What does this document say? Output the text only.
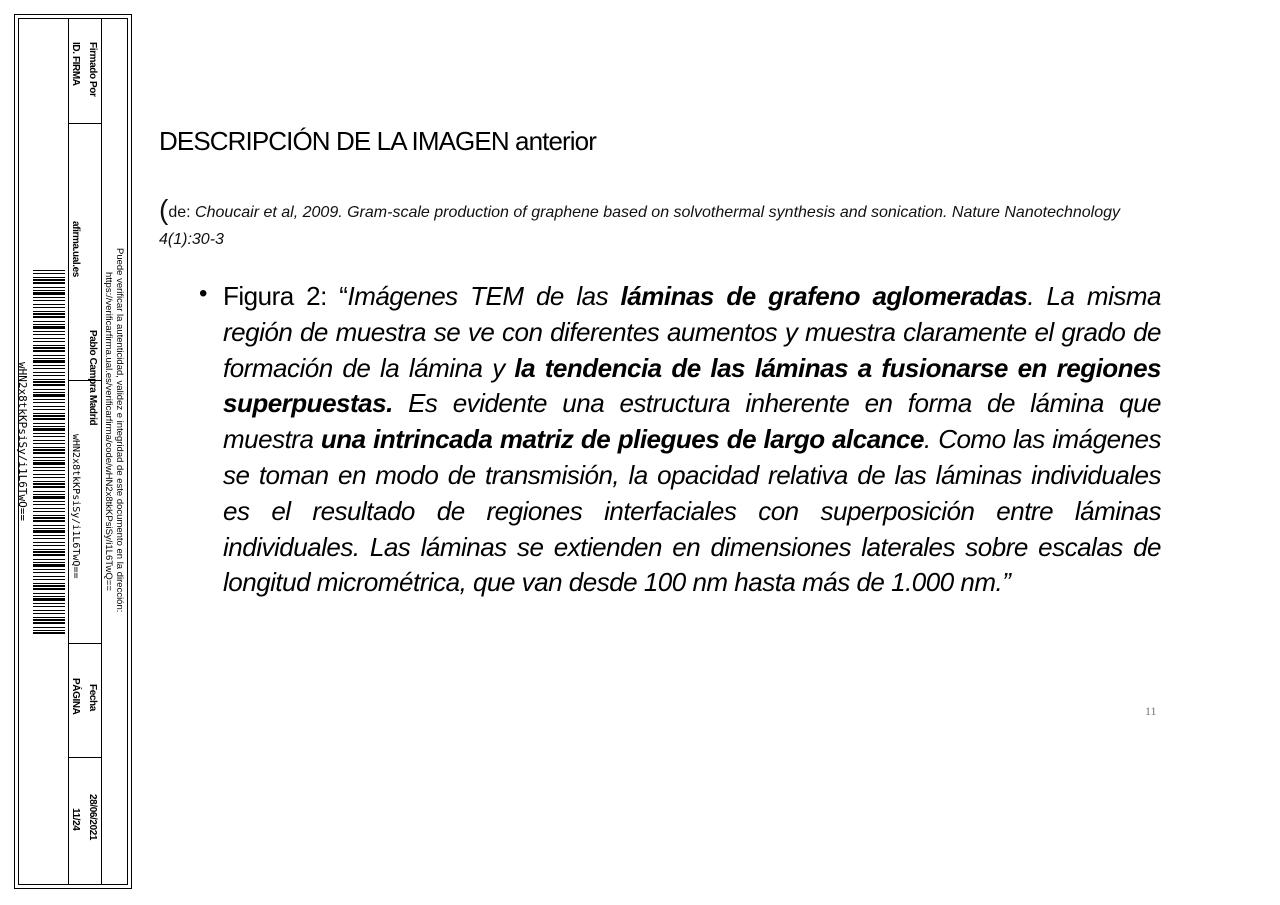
Firmado Por
Pablo Campra Madrid
Fecha
28/06/2021
ID. FIRMA
afirma.ual.es
wHN2x8tkKPsiSy/i1L6TwQ==
PÁGINA
11/24
Puede verificar la autenticidad, validez e integridad de este documento en la dirección:
https://verificarfirma.ual.es/verificarfirma/code/wHN2x8tkKPsiSy/i1L6TwQ==
wHN2x8tkKPsiSy/i1L6TwQ==
DESCRIPCIÓN DE LA IMAGEN anterior
(de: Choucair et al, 2009. Gram-scale production of graphene based on solvothermal synthesis and sonication. Nature Nanotechnology 4(1):30-3
• Figura 2: “Imágenes TEM de las láminas de grafeno aglomeradas. La misma región de muestra se ve con diferentes aumentos y muestra claramente el grado de formación de la lámina y la tendencia de las láminas a fusionarse en regiones superpuestas. Es evidente una estructura inherente en forma de lámina que muestra una intrincada matriz de pliegues de largo alcance. Como las imágenes se toman en modo de transmisión, la opacidad relativa de las láminas individuales es el resultado de regiones interfaciales con superposición entre láminas individuales. Las láminas se extienden en dimensiones laterales sobre escalas de longitud micrométrica, que van desde 100 nm hasta más de 1.000 nm.”
11
